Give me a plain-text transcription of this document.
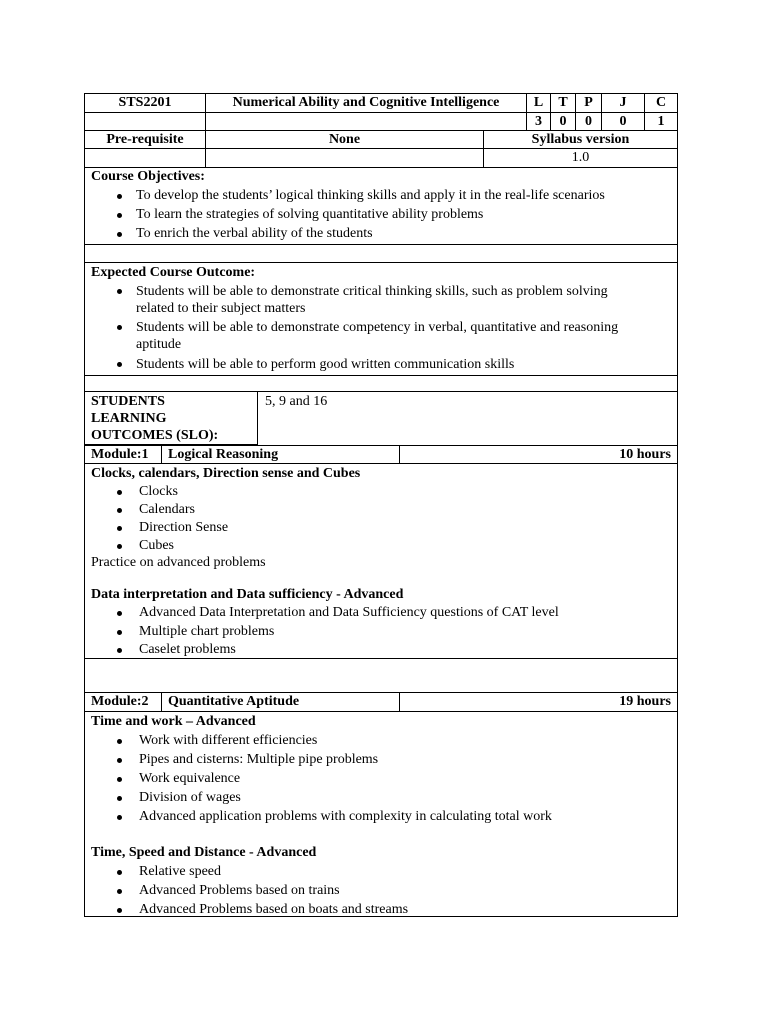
STS2201	Numerical Ability and Cognitive Intelligence	L	T	P	J	C
3	0	0	0	1
Pre-requisite	None	Syllabus version
1.0
Course Objectives:
To develop the students’ logical thinking skills and apply it in the real-life scenarios
To learn the strategies of solving quantitative ability problems
To enrich the verbal ability of the students
Expected Course Outcome:
Students will be able to demonstrate critical thinking skills, such as problem solving
related to their subject matters
Students will be able to demonstrate competency in verbal, quantitative and reasoning
aptitude
Students will be able to perform good written communication skills
STUDENTS
LEARNING
OUTCOMES (SLO):
5, 9 and 16
Module:1	Logical Reasoning	10 hours
Clocks, calendars, Direction sense and Cubes
Clocks
Calendars
Direction Sense
Cubes
Practice on advanced problems
Data interpretation and Data sufficiency - Advanced
Advanced Data Interpretation and Data Sufficiency questions of CAT level
Multiple chart problems
Caselet problems
Module:2	Quantitative Aptitude	19 hours
Time and work – Advanced
Work with different efficiencies
Pipes and cisterns: Multiple pipe problems
Work equivalence
Division of wages
Advanced application problems with complexity in calculating total work
Time, Speed and Distance - Advanced
Relative speed
Advanced Problems based on trains
Advanced Problems based on boats and streams
